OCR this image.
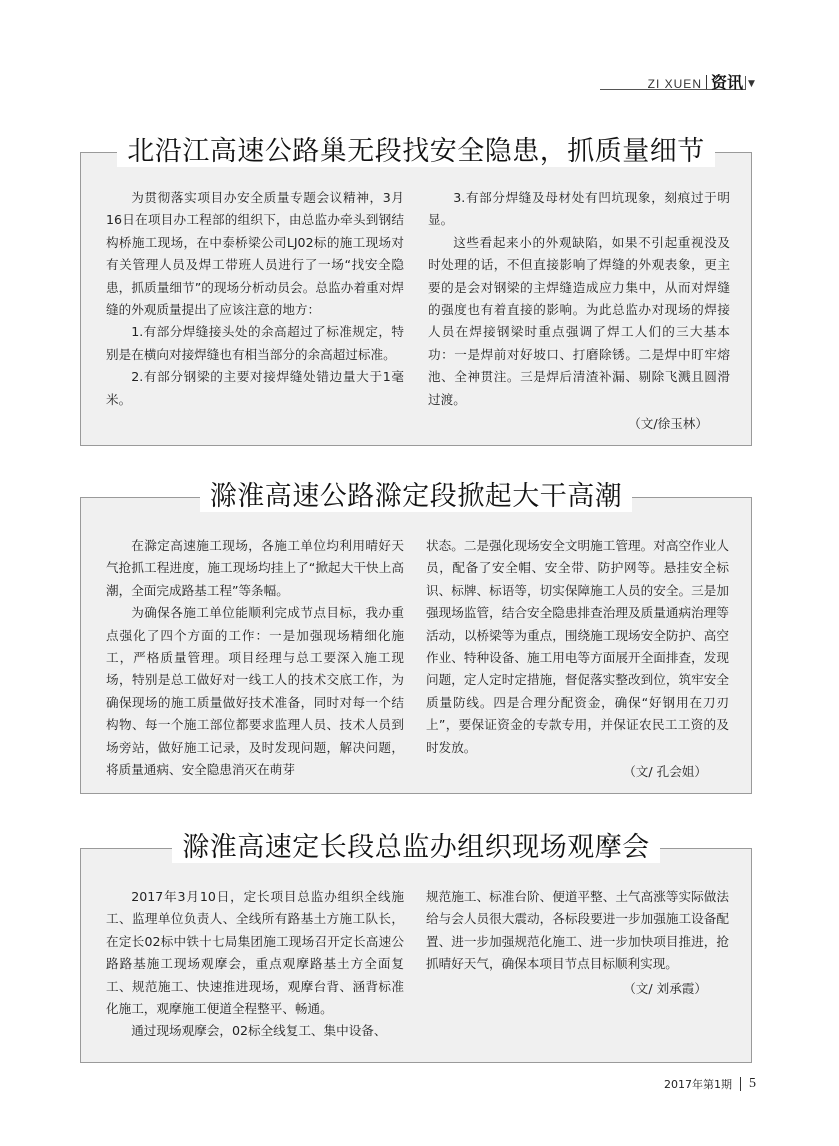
ZI XUEN 资讯 ▼
北沿江高速公路巢无段找安全隐患，抓质量细节

为贯彻落实项目办安全质量专题会议精神，3月16日在项目办工程部的组织下，由总监办牵头到钢结构桥施工现场，在中泰桥梁公司LJ02标的施工现场对有关管理人员及焊工带班人员进行了一场“找安全隐患，抓质量细节”的现场分析动员会。总监办着重对焊缝的外观质量提出了应该注意的地方：

1.有部分焊缝接头处的余高超过了标准规定，特别是在横向对接焊缝也有相当部分的余高超过标准。

2.有部分钢梁的主要对接焊缝处错边量大于1毫米。

3.有部分焊缝及母材处有凹坑现象，刻痕过于明显。

这些看起来小的外观缺陷，如果不引起重视没及时处理的话，不但直接影响了焊缝的外观表象，更主要的是会对钢梁的主焊缝造成应力集中，从而对焊缝的强度也有着直接的影响。为此总监办对现场的焊接人员在焊接钢梁时重点强调了焊工人们的三大基本功：一是焊前对好坡口、打磨除锈。二是焊中盯牢熔池、全神贯注。三是焊后清渣补漏、剔除飞溅且圆滑过渡。

（文/徐玉林）
滁淮高速公路滁定段掀起大干高潮

在滁定高速施工现场，各施工单位均利用晴好天气抢抓工程进度，施工现场均挂上了“掀起大干快上高潮，全面完成路基工程”等条幅。

为确保各施工单位能顺利完成节点目标，我办重点强化了四个方面的工作：一是加强现场精细化施工，严格质量管理。项目经理与总工要深入施工现场，特别是总工做好对一线工人的技术交底工作，为确保现场的施工质量做好技术准备，同时对每一个结构物、每一个施工部位都要求监理人员、技术人员到场旁站，做好施工记录，及时发现问题，解决问题，将质量通病、安全隐患消灭在萌芽

状态。二是强化现场安全文明施工管理。对高空作业人员，配备了安全帽、安全带、防护网等。悬挂安全标识、标牌、标语等，切实保障施工人员的安全。三是加强现场监管，结合安全隐患排查治理及质量通病治理等活动，以桥梁等为重点，围绕施工现场安全防护、高空作业、特种设备、施工用电等方面展开全面排查，发现问题，定人定时定措施，督促落实整改到位，筑牢安全质量防线。四是合理分配资金，确保“好钢用在刀刃上”，要保证资金的专款专用，并保证农民工工资的及时发放。

（文/ 孔会姐）
滁淮高速定长段总监办组织现场观摩会

2017年3月10日，定长项目总监办组织全线施工、监理单位负责人、全线所有路基土方施工队长，在定长02标中铁十七局集团施工现场召开定长高速公路路基施工现场观摩会，重点观摩路基土方全面复工、规范施工、快速推进现场，观摩台背、涵背标准化施工，观摩施工便道全程整平、畅通。

通过现场观摩会，02标全线复工、集中设备、

规范施工、标准台阶、便道平整、土气高涨等实际做法给与会人员很大震动，各标段要进一步加强施工设备配置、进一步加强规范化施工、进一步加快项目推进，抢抓晴好天气，确保本项目节点目标顺利实现。

（文/ 刘承霞）
2017年第1期 5
